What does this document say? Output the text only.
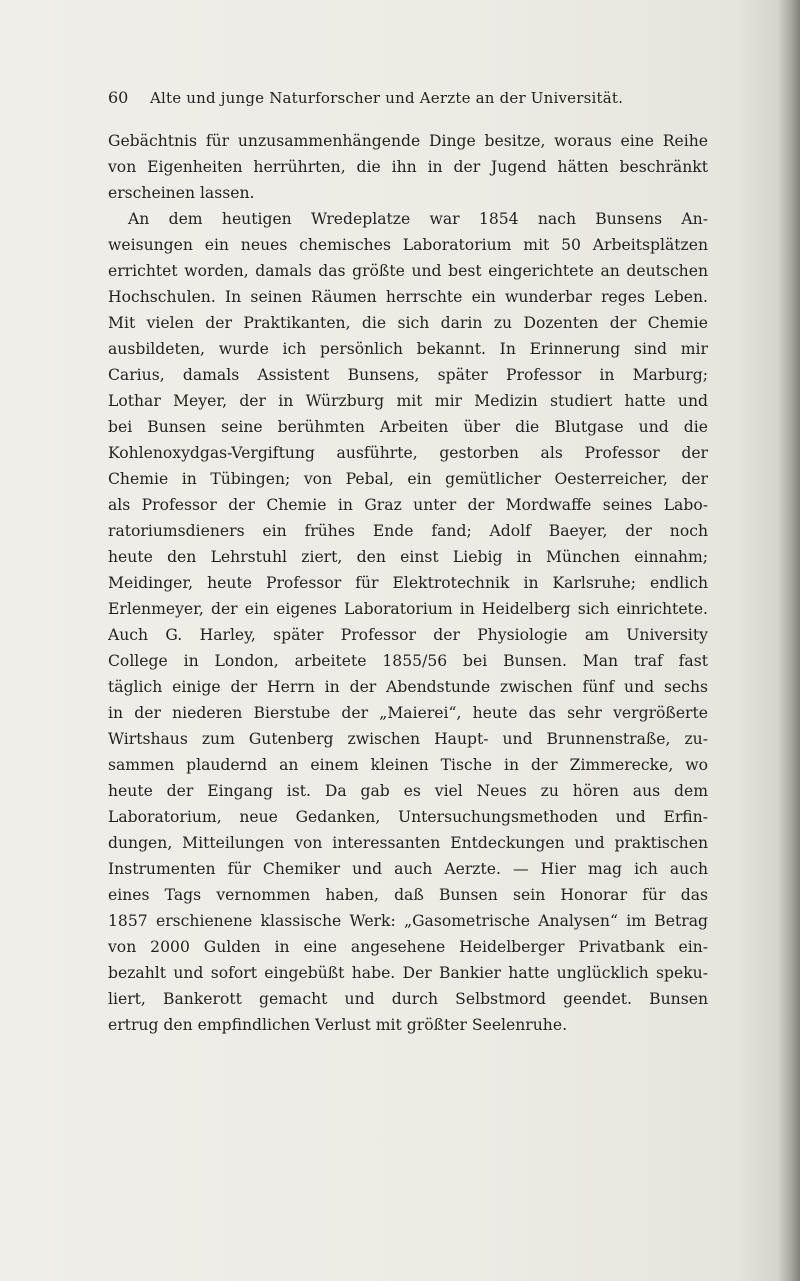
60 Alte und junge Naturforscher und Aerzte an der Universität.
Gebächtnis für unzusammenhängende Dinge besitze, woraus eine Reihe
von Eigenheiten herrührten, die ihn in der Jugend hätten beschränkt
erscheinen lassen.
An dem heutigen Wredeplatze war 1854 nach Bunsens An-
weisungen ein neues chemisches Laboratorium mit 50 Arbeitsplätzen
errichtet worden, damals das größte und best eingerichtete an deutschen
Hochschulen. In seinen Räumen herrschte ein wunderbar reges Leben.
Mit vielen der Praktikanten, die sich darin zu Dozenten der Chemie
ausbildeten, wurde ich persönlich bekannt. In Erinnerung sind mir
Carius, damals Assistent Bunsens, später Professor in Marburg;
Lothar Meyer, der in Würzburg mit mir Medizin studiert hatte und
bei Bunsen seine berühmten Arbeiten über die Blutgase und die
Kohlenoxydgas-Vergiftung ausführte, gestorben als Professor der
Chemie in Tübingen; von Pebal, ein gemütlicher Oesterreicher, der
als Professor der Chemie in Graz unter der Mordwaffe seines Labo-
ratoriumsdieners ein frühes Ende fand; Adolf Baeyer, der noch
heute den Lehrstuhl ziert, den einst Liebig in München einnahm;
Meidinger, heute Professor für Elektrotechnik in Karlsruhe; endlich
Erlenmeyer, der ein eigenes Laboratorium in Heidelberg sich einrichtete.
Auch G. Harley, später Professor der Physiologie am University
College in London, arbeitete 1855/56 bei Bunsen. Man traf fast
täglich einige der Herrn in der Abendstunde zwischen fünf und sechs
in der niederen Bierstube der „Maierei“, heute das sehr vergrößerte
Wirtshaus zum Gutenberg zwischen Haupt- und Brunnenstraße, zu-
sammen plaudernd an einem kleinen Tische in der Zimmerecke, wo
heute der Eingang ist. Da gab es viel Neues zu hören aus dem
Laboratorium, neue Gedanken, Untersuchungsmethoden und Erfin-
dungen, Mitteilungen von interessanten Entdeckungen und praktischen
Instrumenten für Chemiker und auch Aerzte. — Hier mag ich auch
eines Tags vernommen haben, daß Bunsen sein Honorar für das
1857 erschienene klassische Werk: „Gasometrische Analysen“ im Betrag
von 2000 Gulden in eine angesehene Heidelberger Privatbank ein-
bezahlt und sofort eingebüßt habe. Der Bankier hatte unglücklich speku-
liert, Bankerott gemacht und durch Selbstmord geendet. Bunsen
ertrug den empfindlichen Verlust mit größter Seelenruhe.
